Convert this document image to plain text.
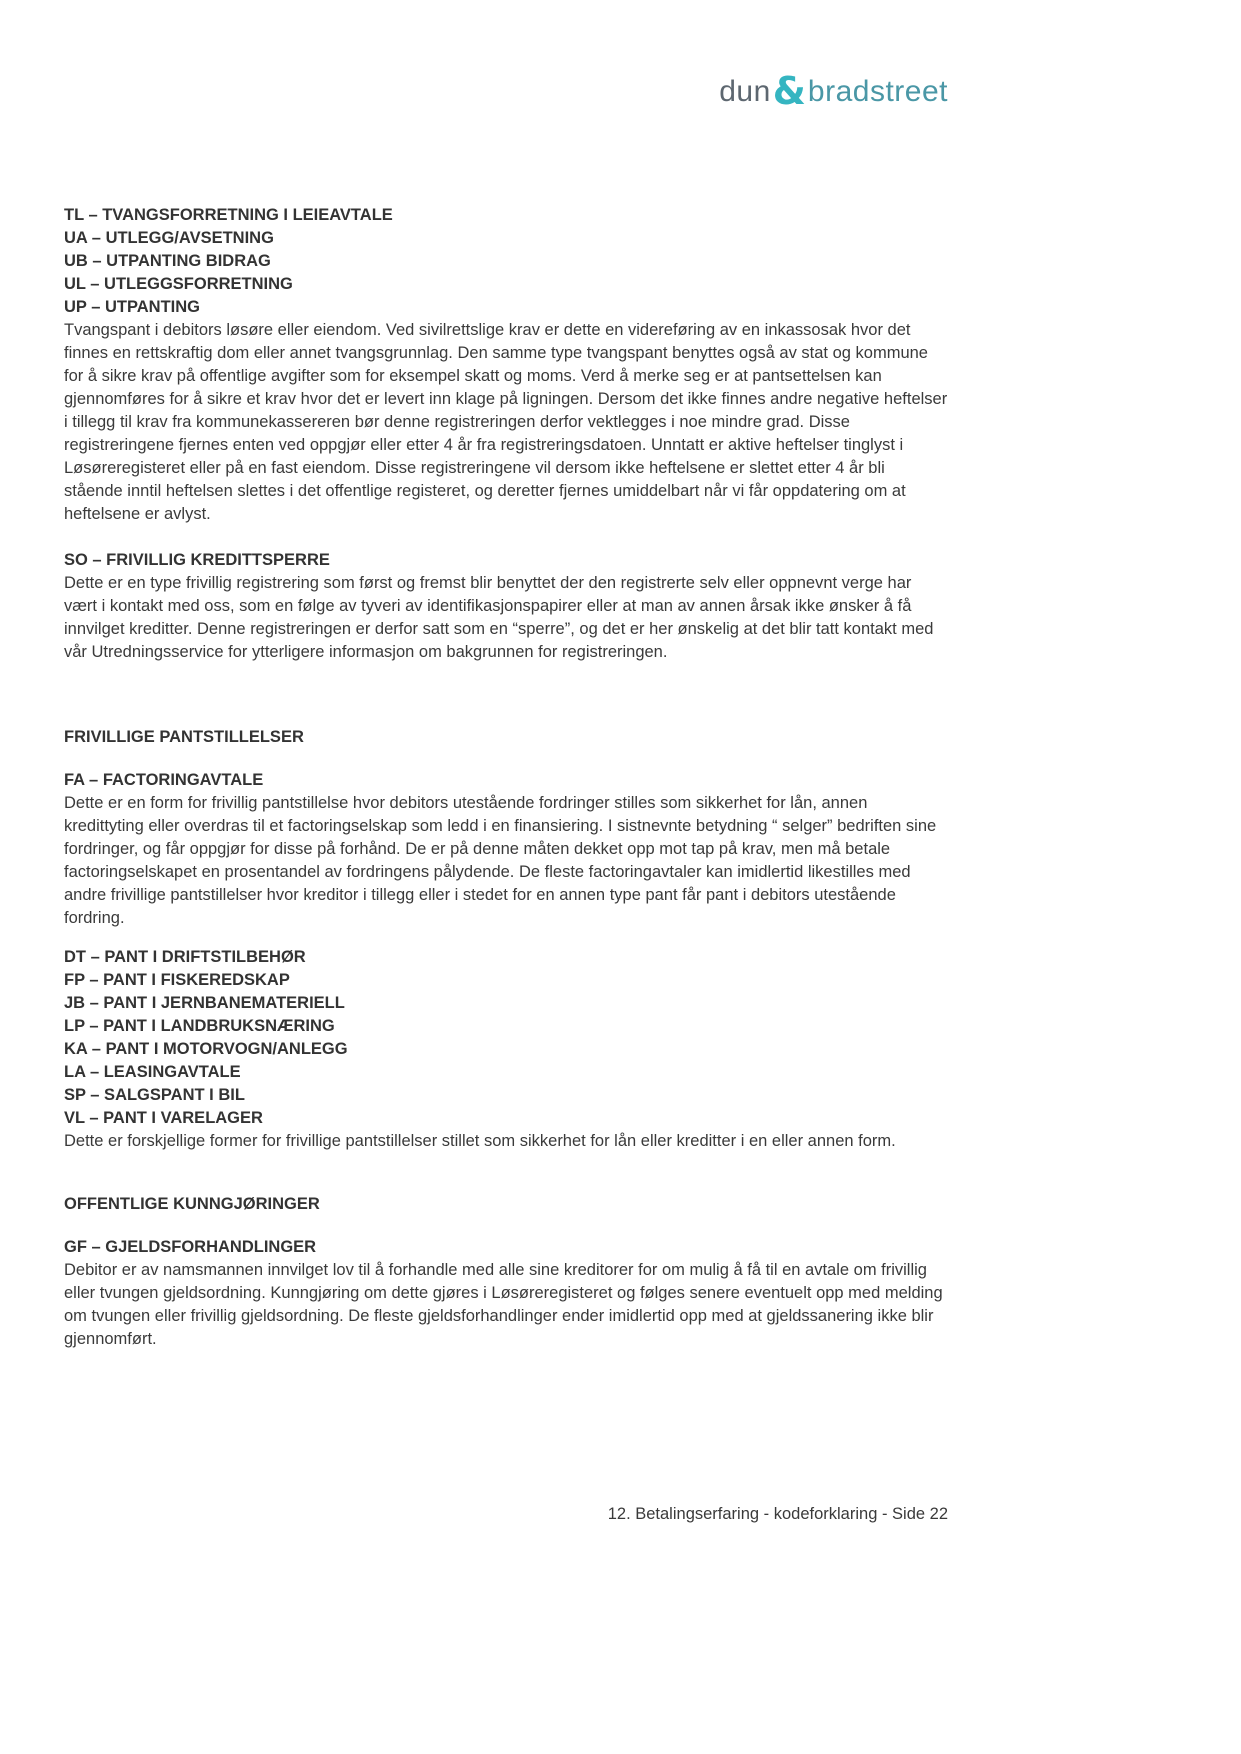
dun&bradstreet
TL – TVANGSFORRETNING I LEIEAVTALE
UA – UTLEGG/AVSETNING
UB – UTPANTING BIDRAG
UL – UTLEGGSFORRETNING
UP – UTPANTING

Tvangspant i debitors løsøre eller eiendom. Ved sivilrettslige krav er dette en videreføring av en inkassosak hvor det finnes en rettskraftig dom eller annet tvangsgrunnlag. Den samme type tvangspant benyttes også av stat og kommune for å sikre krav på offentlige avgifter som for eksempel skatt og moms. Verd å merke seg er at pantsettelsen kan gjennomføres for å sikre et krav hvor det er levert inn klage på ligningen. Dersom det ikke finnes andre negative heftelser i tillegg til krav fra kommunekassereren bør denne registreringen derfor vektlegges i noe mindre grad. Disse registreringene fjernes enten ved oppgjør eller etter 4 år fra registreringsdatoen. Unntatt er aktive heftelser tinglyst i Løsøreregisteret eller på en fast eiendom. Disse registreringene vil dersom ikke heftelsene er slettet etter 4 år bli stående inntil heftelsen slettes i det offentlige registeret, og deretter fjernes umiddelbart når vi får oppdatering om at heftelsene er avlyst.

SO – FRIVILLIG KREDITTSPERRE

Dette er en type frivillig registrering som først og fremst blir benyttet der den registrerte selv eller oppnevnt verge har vært i kontakt med oss, som en følge av tyveri av identifikasjonspapirer eller at man av annen årsak ikke ønsker å få innvilget kreditter. Denne registreringen er derfor satt som en “sperre”, og det er her ønskelig at det blir tatt kontakt med vår Utredningsservice for ytterligere informasjon om bakgrunnen for registreringen.

FRIVILLIGE PANTSTILLELSER
FA – FACTORINGAVTALE

Dette er en form for frivillig pantstillelse hvor debitors utestående fordringer stilles som sikkerhet for lån, annen kredittyting eller overdras til et factoringselskap som ledd i en finansiering. I sistnevnte betydning “ selger” bedriften sine fordringer, og får oppgjør for disse på forhånd. De er på denne måten dekket opp mot tap på krav, men må betale factoringselskapet en prosentandel av fordringens pålydende. De fleste factoringavtaler kan imidlertid likestilles med andre frivillige pantstillelser hvor kreditor i tillegg eller i stedet for en annen type pant får pant i debitors utestående fordring.

DT – PANT I DRIFTSTILBEHØR
FP – PANT I FISKEREDSKAP
JB – PANT I JERNBANEMATERIELL
LP – PANT I LANDBRUKSNÆRING
KA – PANT I MOTORVOGN/ANLEGG
LA – LEASINGAVTALE
SP – SALGSPANT I BIL
VL – PANT I VARELAGER

Dette er forskjellige former for frivillige pantstillelser stillet som sikkerhet for lån eller kreditter i en eller annen form.

OFFENTLIGE KUNNGJØRINGER
GF – GJELDSFORHANDLINGER

Debitor er av namsmannen innvilget lov til å forhandle med alle sine kreditorer for om mulig å få til en avtale om frivillig eller tvungen gjeldsordning. Kunngjøring om dette gjøres i Løsøreregisteret og følges senere eventuelt opp med melding om tvungen eller frivillig gjeldsordning. De fleste gjeldsforhandlinger ender imidlertid opp med at gjeldssanering ikke blir gjennomført.

12. Betalingserfaring - kodeforklaring - Side 22
